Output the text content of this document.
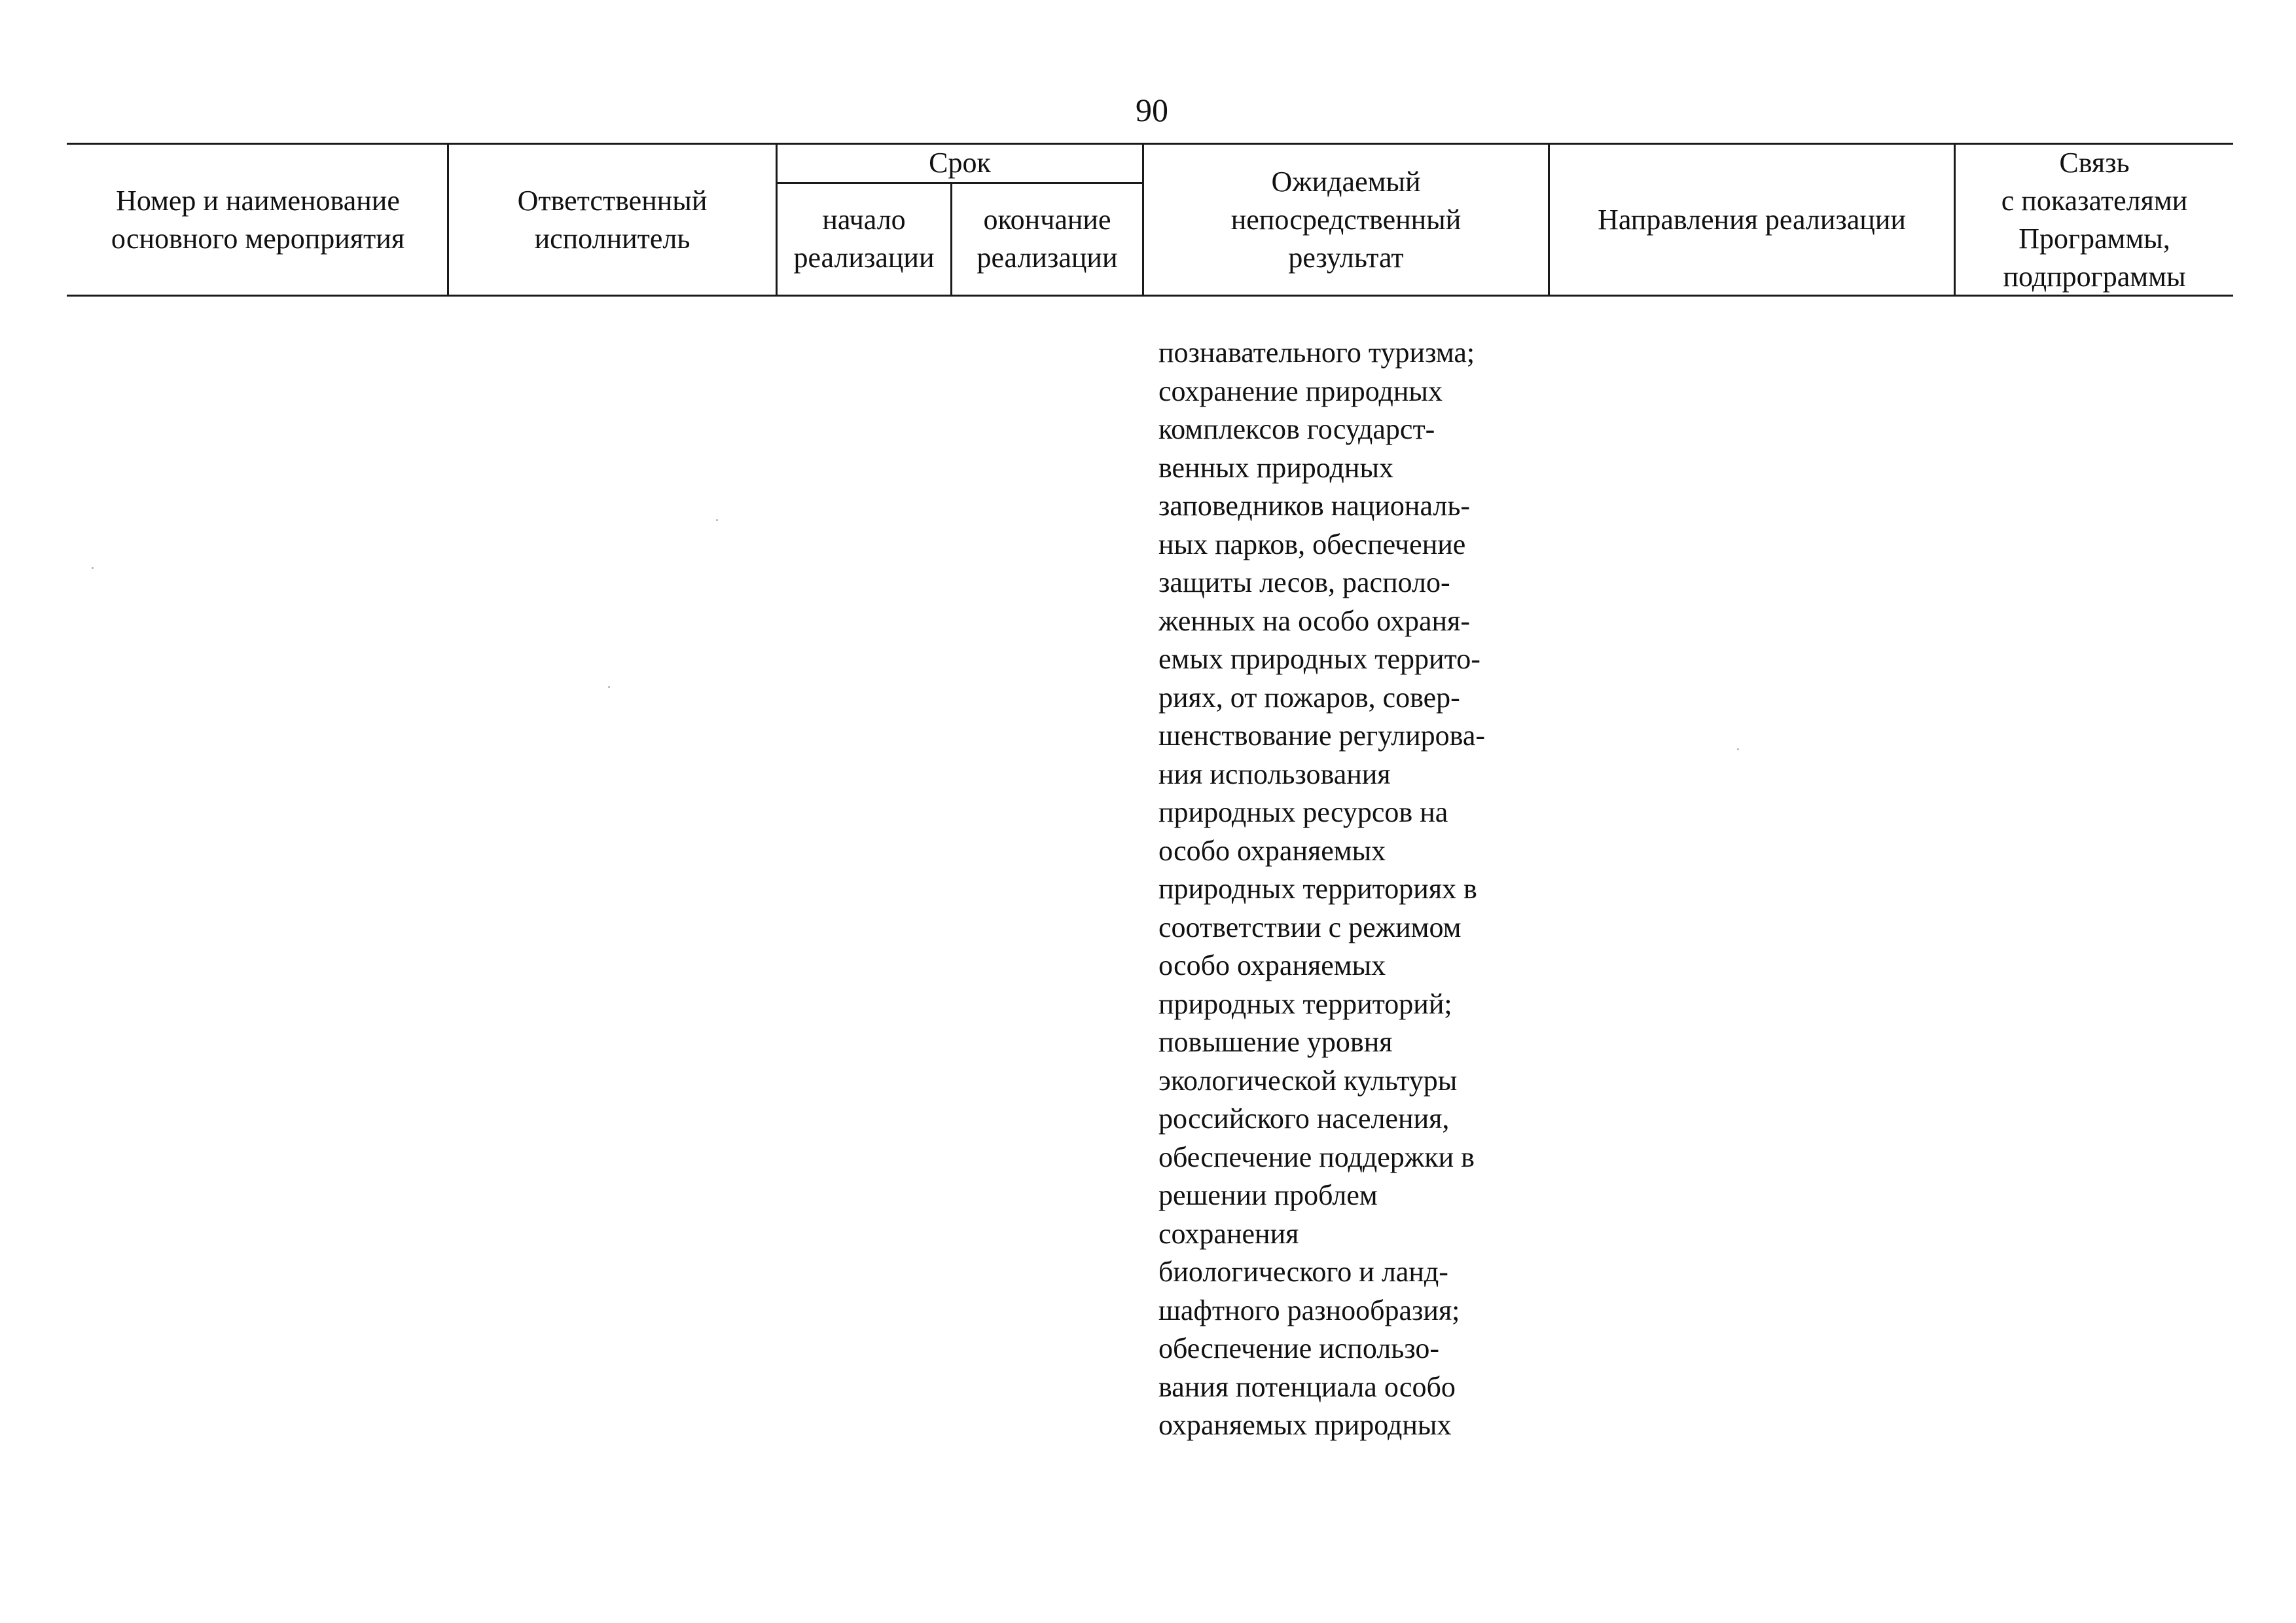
90
Номер и наименование
основного мероприятия
Ответственный
исполнитель
Срок
начало
реализации
окончание
реализации
Ожидаемый
непосредственный
результат
Направления реализации
Связь
с показателями
Программы,
подпрограммы
познавательного туризма;
сохранение природных
комплексов государст-
венных природных
заповедников националь-
ных парков, обеспечение
защиты лесов, располо-
женных на особо охраня-
емых природных террито-
риях, от пожаров, совер-
шенствование регулирова-
ния использования
природных ресурсов на
особо охраняемых
природных территориях в
соответствии с режимом
особо охраняемых
природных территорий;
повышение уровня
экологической культуры
российского населения,
обеспечение поддержки в
решении проблем
сохранения
биологического и ланд-
шафтного разнообразия;
обеспечение использо-
вания потенциала особо
охраняемых природных
